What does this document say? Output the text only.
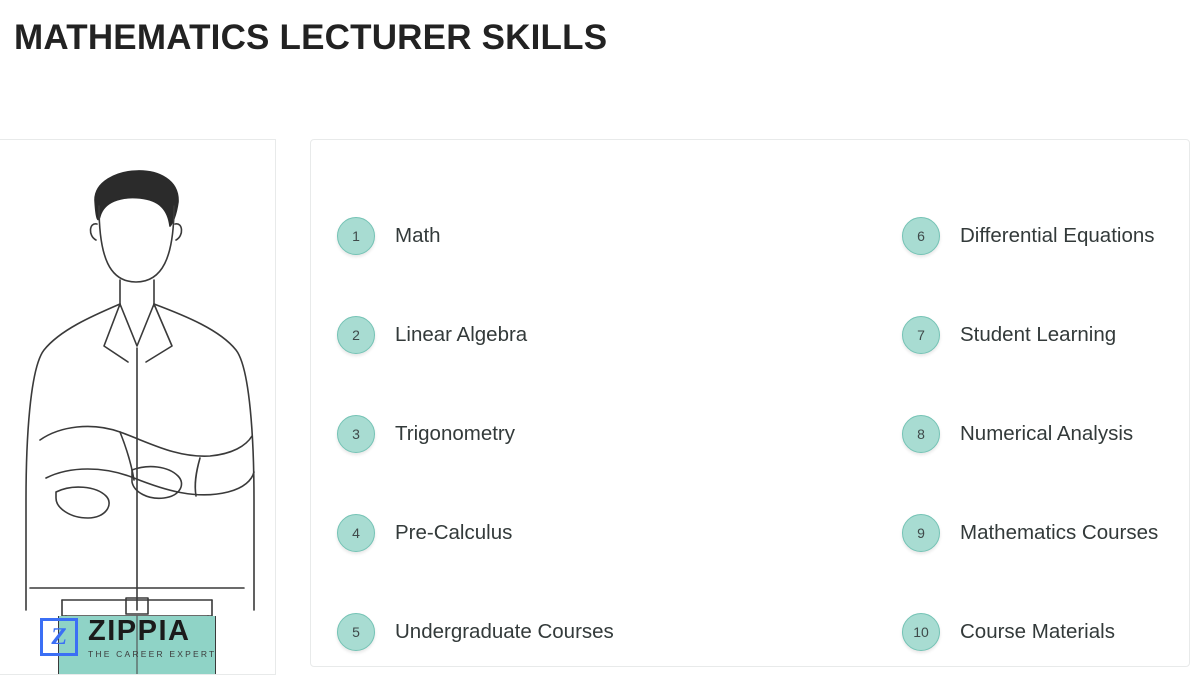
MATHEMATICS LECTURER SKILLS
Z ZIPPIA
THE CAREER EXPERT
1	Math
2	Linear Algebra
3	Trigonometry
4	Pre-Calculus
5	Undergraduate Courses
6	Differential Equations
7	Student Learning
8	Numerical Analysis
9	Mathematics Courses
10	Course Materials
